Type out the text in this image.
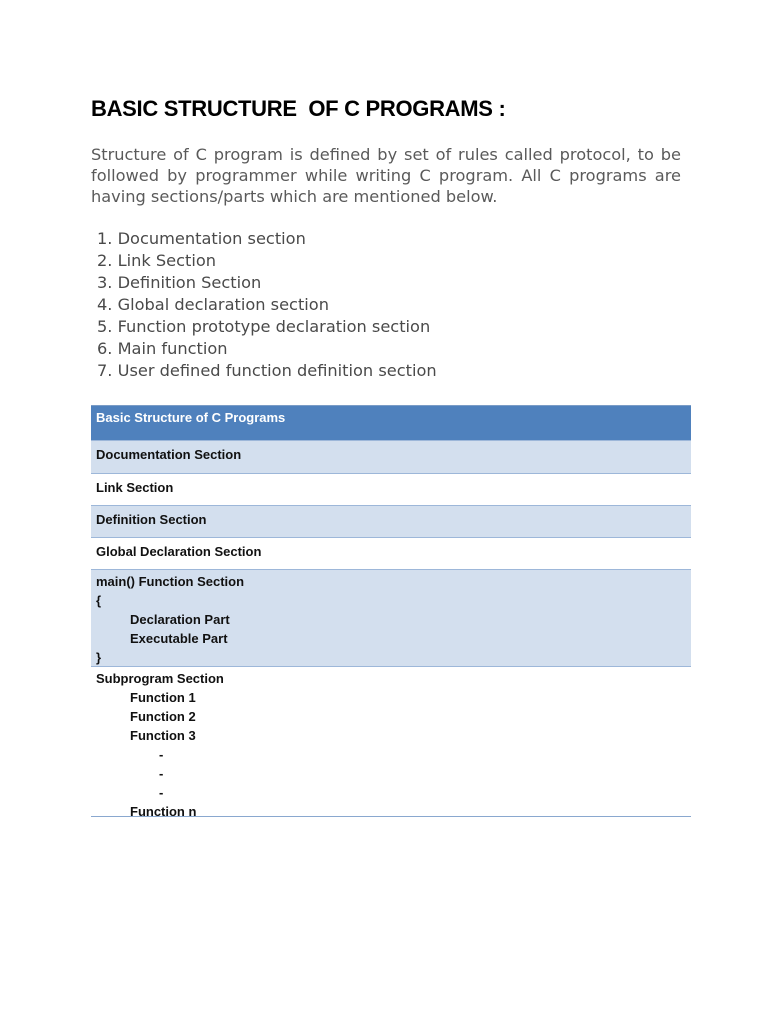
BASIC STRUCTURE  OF C PROGRAMS :

Structure of C program is defined by set of rules called protocol, to be followed by programmer while writing C program. All C programs are having sections/parts which are mentioned below.

1. Documentation section
2. Link Section
3. Definition Section
4. Global declaration section
5. Function prototype declaration section
6. Main function
7. User defined function definition section
Basic Structure of C Programs
Documentation Section
Link Section
Definition Section
Global Declaration Section
main() Function Section
{
Declaration Part
Executable Part
}
Subprogram Section
Function 1
Function 2
Function 3
-
-
-
Function n
